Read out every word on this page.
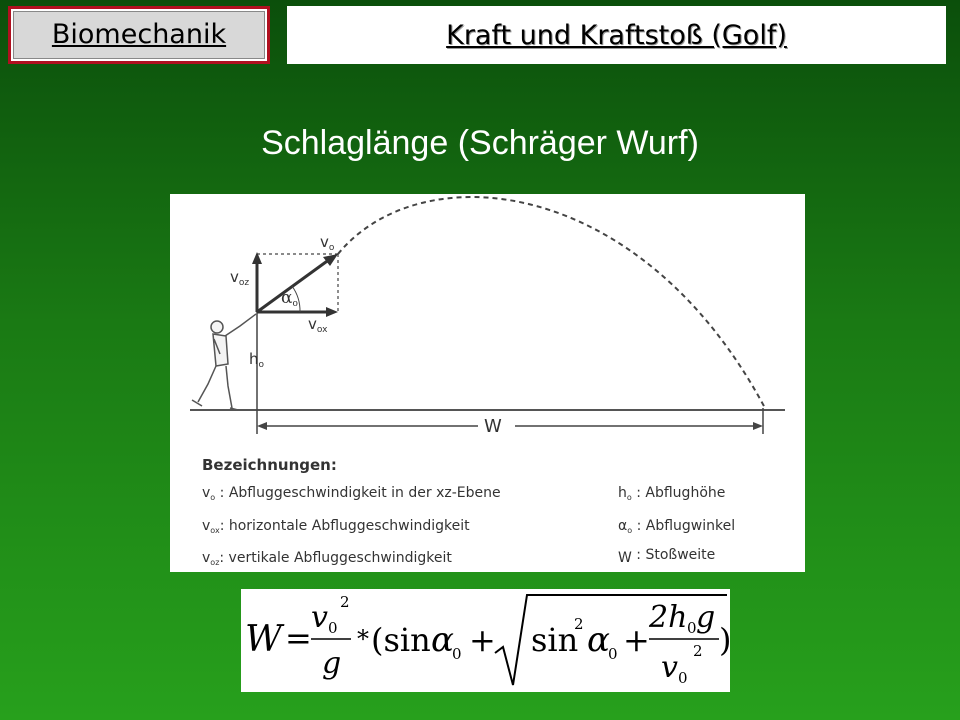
Biomechanik	Kraft und Kraftstoß (Golf)
Schlaglänge (Schräger Wurf)
W
$v_o$
$v_{oz}$
$v_{ox}$
αo
$h_o$
Bezeichnungen:
$v_o$ : Abfluggeschwindigkeit in der xz-Ebene
$v_{ox}$: horizontale Abfluggeschwindigkeit
$v_{oz}$: vertikale Abfluggeschwindigkeit
$h_o$ : Abflughöhe
$\alpha_o$ : Abflugwinkel
W : Stoßweite
W =
$v_0$
2
g
* (sin α
0 + sin
2 α
0 +
2h 0 g
$v_0$
2 )
